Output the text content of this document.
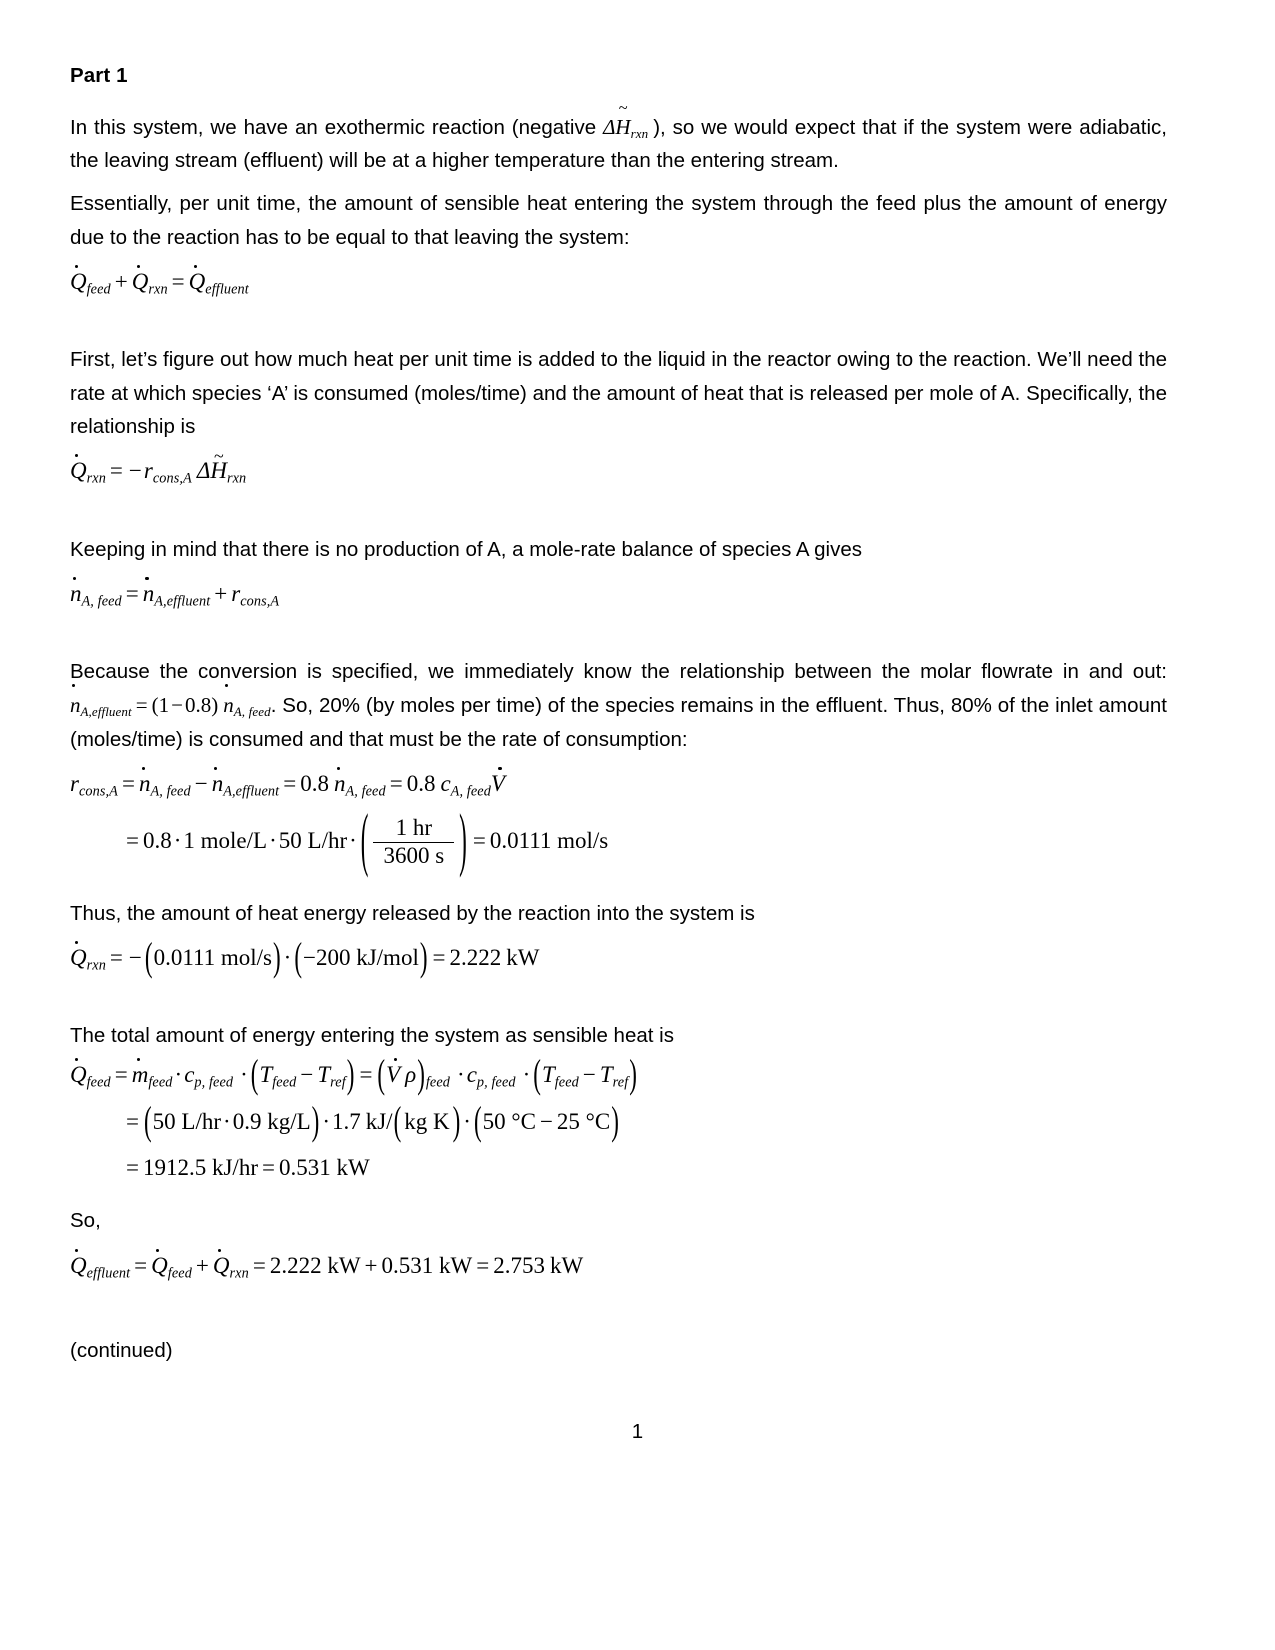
Part 1

In this system, we have an exothermic reaction (negative ΔH $\sim_{rxn}$ ), so we would expect that if the system were adiabatic, the leaving stream (effluent) will be at a higher temperature than the entering stream.

Essentially, per unit time, the amount of sensible heat entering the system through the feed plus the amount of energy due to the reaction has to be equal to that leaving the system:

$Q_{feed} + Q_{rxn} = Q_{effluent}$

First, let’s figure out how much heat per unit time is added to the liquid in the reactor owing to the reaction. We’ll need the rate at which species ‘A’ is consumed (moles/time) and the amount of heat that is released per mole of A. Specifically, the relationship is

$Q_{rxn} = -r_{cons,A}$ ΔH $\sim_{rxn}$

Keeping in mind that there is no production of A, a mole-rate balance of species A gives

$n_{A, feed} = n_{A,effluent} + r_{cons,A}$

Because the conversion is specified, we immediately know the relationship between the molar flowrate in and out: $n_{A,effluent} = (1-0.8)$ $n_{A, feed}$. So, 20% (by moles per time) of the species remains in the effluent. Thus, 80% of the inlet amount (moles/time) is consumed and that must be the rate of consumption:

$r_{cons,A} = n_{A, feed} - n_{A,effluent} = 0.8$ $n_{A, feed} = 0.8$ $c_{A, feed}V$
= 0.8·1 mole/L·50 L/hr· ( $\frac{1 hr}{3600 s}$ ) = 0.0111 mol/s

Thus, the amount of heat energy released by the reaction into the system is

$Q_{rxn}$ = − (0.0111 mol/s) · (−200 kJ/mol) = 2.222 kW

The total amount of energy entering the system as sensible heat is

$Q_{feed} = m_{feed}\cdot c_{p, feed} \cdot (T_{feed} - T_{ref}) = (V$ $\rho)_{feed} \cdot c_{p, feed} \cdot (T_{feed} - T_{ref})$
= (50 L/hr·0.9 kg/L) ·1.7 kJ/( kg K ) · (50 °C − 25 °C)
= 1912.5 kJ/hr = 0.531 kW

So,

$Q_{effluent} = Q_{feed} + Q_{rxn} = 2.222$ kW + 0.531 kW = 2.753 kW
(continued)
1
